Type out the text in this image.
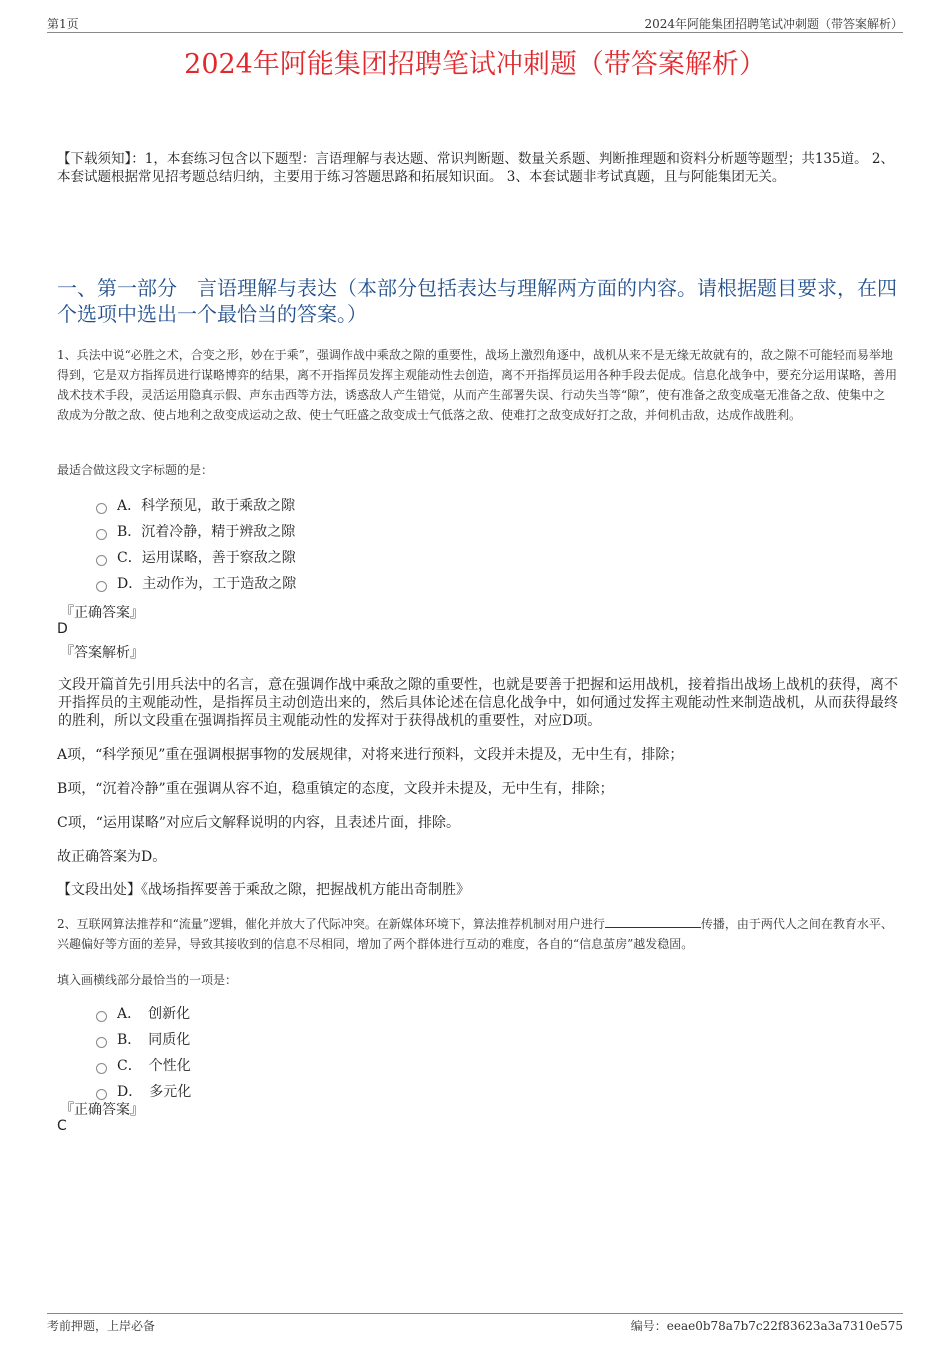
第1页	2024年阿能集团招聘笔试冲刺题（带答案解析）
2024年阿能集团招聘笔试冲刺题（带答案解析）
【下载须知】：1，本套练习包含以下题型：言语理解与表达题、常识判断题、数量关系题、判断推理题和资料分析题等题型；共135道。 2、本套试题根据常见招考题总结归纳，主要用于练习答题思路和拓展知识面。 3、本套试题非考试真题，且与阿能集团无关。
一、第一部分　言语理解与表达（本部分包括表达与理解两方面的内容。请根据题目要求，在四个选项中选出一个最恰当的答案。）
1、兵法中说“必胜之术，合变之形，妙在于乘”，强调作战中乘敌之隙的重要性，战场上激烈角逐中，战机从来不是无缘无故就有的，敌之隙不可能轻而易举地得到，它是双方指挥员进行谋略博弈的结果，离不开指挥员发挥主观能动性去创造，离不开指挥员运用各种手段去促成。信息化战争中，要充分运用谋略，善用战术技术手段，灵活运用隐真示假、声东击西等方法，诱惑敌人产生错觉，从而产生部署失误、行动失当等“隙”，使有准备之敌变成毫无准备之敌、使集中之敌成为分散之敌、使占地利之敌变成运动之敌、使士气旺盛之敌变成士气低落之敌、使难打之敌变成好打之敌，并伺机击敌，达成作战胜利。
最适合做这段文字标题的是：
A．科学预见，敢于乘敌之隙
B．沉着冷静，精于辨敌之隙
C．运用谋略，善于察敌之隙
D．主动作为，工于造敌之隙
『正确答案』
D
『答案解析』
文段开篇首先引用兵法中的名言，意在强调作战中乘敌之隙的重要性，也就是要善于把握和运用战机，接着指出战场上战机的获得，离不开指挥员的主观能动性，是指挥员主动创造出来的，然后具体论述在信息化战争中，如何通过发挥主观能动性来制造战机，从而获得最终的胜利，所以文段重在强调指挥员主观能动性的发挥对于获得战机的重要性，对应D项。
A项，“科学预见”重在强调根据事物的发展规律，对将来进行预料，文段并未提及，无中生有，排除；
B项，“沉着冷静”重在强调从容不迫，稳重镇定的态度，文段并未提及，无中生有，排除；
C项，“运用谋略”对应后文解释说明的内容，且表述片面，排除。
故正确答案为D。
【文段出处】《战场指挥要善于乘敌之隙，把握战机方能出奇制胜》
2、互联网算法推荐和“流量”逻辑，催化并放大了代际冲突。在新媒体环境下，算法推荐机制对用户进行	传播，由于两代人之间在教育水平、兴趣偏好等方面的差异，导致其接收到的信息不尽相同，增加了两个群体进行互动的难度，各自的“信息茧房”越发稳固。
填入画横线部分最恰当的一项是：
A．　创新化
B．　同质化
C．　个性化
D．　多元化
『正确答案』
C
考前押题，上岸必备	编号：eeae0b78a7b7c22f83623a3a7310e575
